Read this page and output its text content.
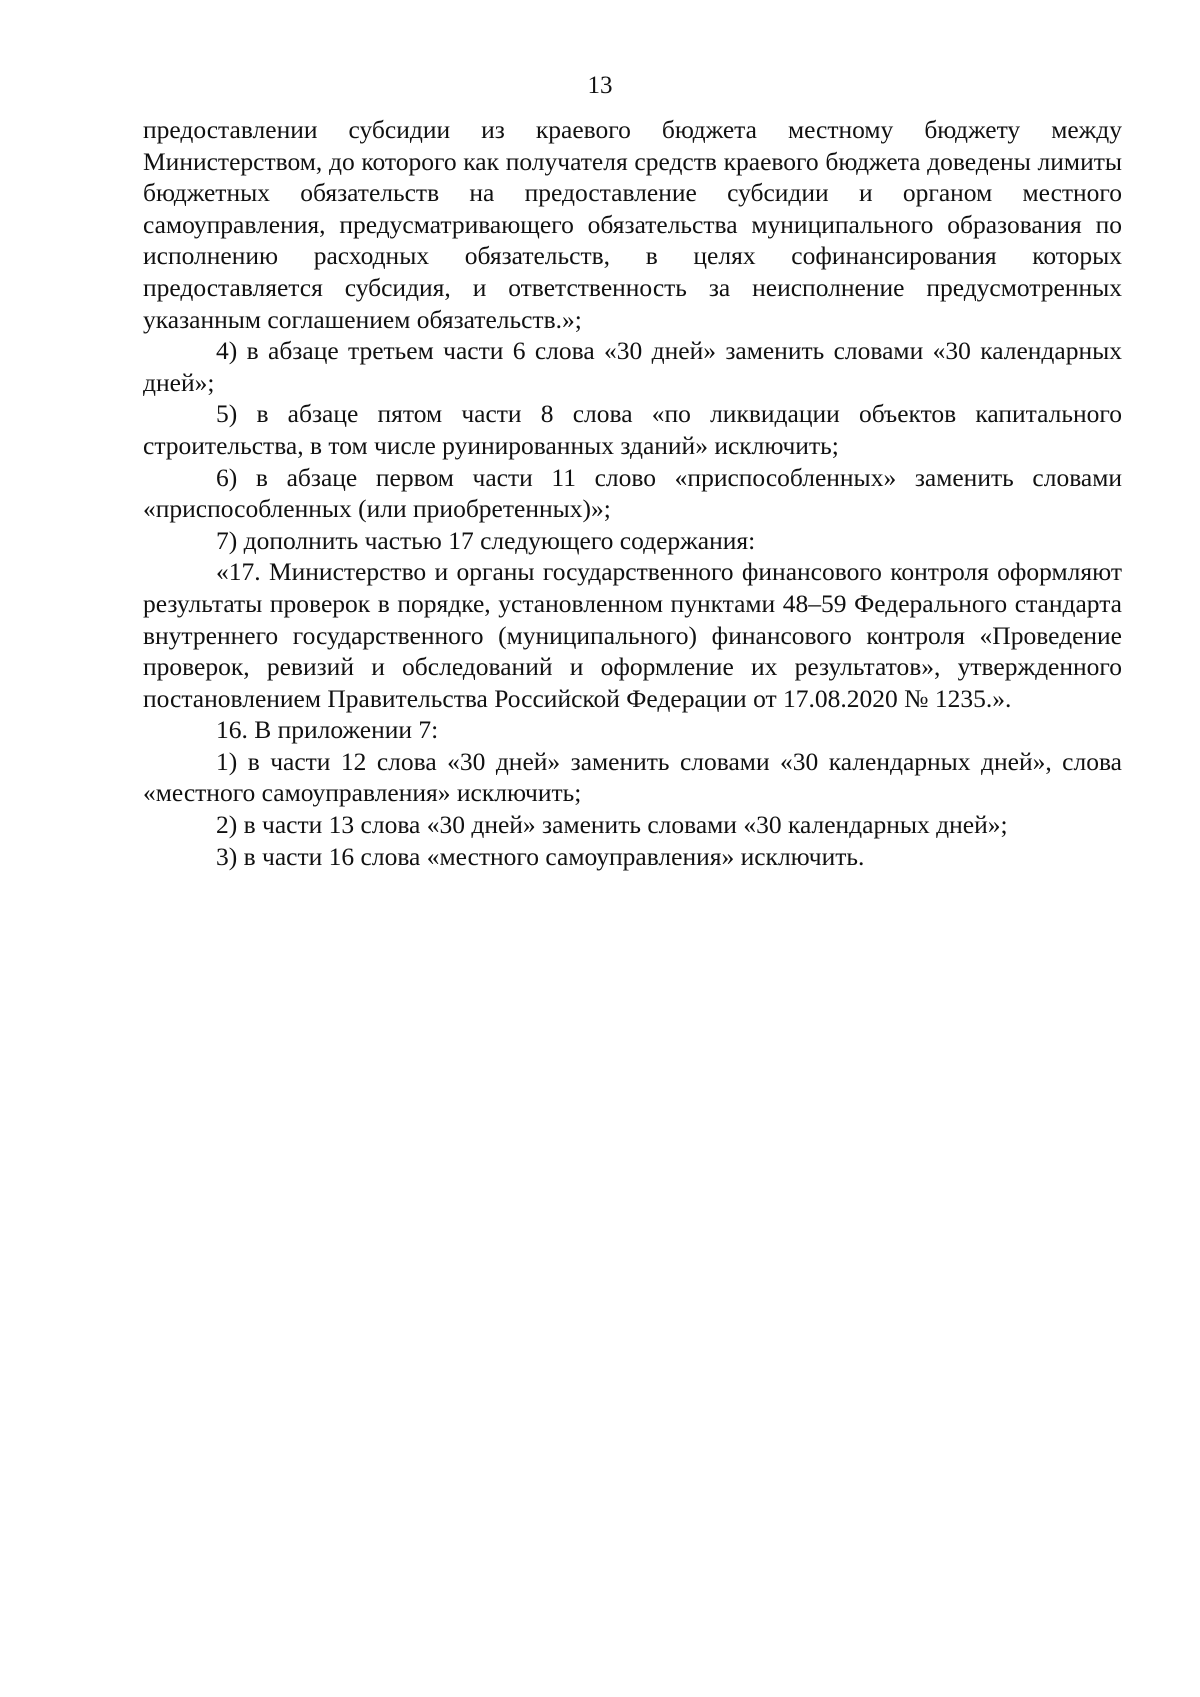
13

предоставлении субсидии из краевого бюджета местному бюджету между Министерством, до которого как получателя средств краевого бюджета доведены лимиты бюджетных обязательств на предоставление субсидии и органом местного самоуправления, предусматривающего обязательства муниципального образования по исполнению расходных обязательств, в целях софинансирования которых предоставляется субсидия, и ответственность за неисполнение предусмотренных указанным соглашением обязательств.»;

4) в абзаце третьем части 6 слова «30 дней» заменить словами «30 календарных дней»;

5) в абзаце пятом части 8 слова «по ликвидации объектов капитального строительства, в том числе руинированных зданий» исключить;

6) в абзаце первом части 11 слово «приспособленных» заменить словами «приспособленных (или приобретенных)»;

7) дополнить частью 17 следующего содержания:

«17. Министерство и органы государственного финансового контроля оформляют результаты проверок в порядке, установленном пунктами 48–59 Федерального стандарта внутреннего государственного (муниципального) финансового контроля «Проведение проверок, ревизий и обследований и оформление их результатов», утвержденного постановлением Правительства Российской Федерации от 17.08.2020 № 1235.».

16. В приложении 7:

1) в части 12 слова «30 дней» заменить словами «30 календарных дней», слова «местного самоуправления» исключить;

2) в части 13 слова «30 дней» заменить словами «30 календарных дней»;

3) в части 16 слова «местного самоуправления» исключить.
